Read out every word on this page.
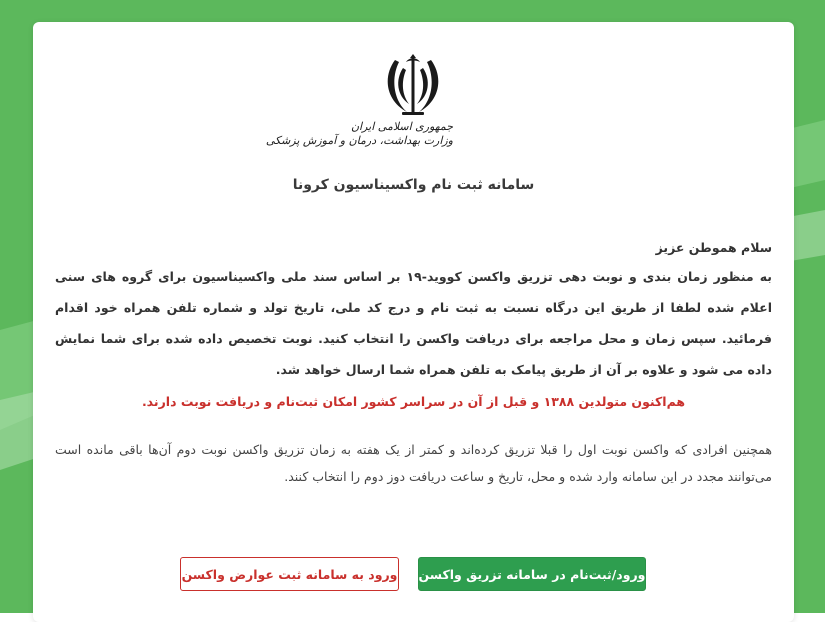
جمهوری اسلامی ایران
وزارت بهداشت، درمان و آموزش پزشکی
سامانه ثبت نام واکسیناسیون کرونا
سلام هموطن عزیز
به منظور زمان بندی و نوبت دهی تزریق واکسن کووید-۱۹ بر اساس سند ملی واکسیناسیون برای گروه های سنی اعلام شده لطفا از طریق این درگاه نسبت به ثبت نام و درج کد ملی، تاریخ تولد و شماره تلفن همراه خود اقدام فرمائید. سپس زمان و محل مراجعه برای دریافت واکسن را انتخاب کنید. نوبت تخصیص داده شده برای شما نمایش داده می شود و علاوه بر آن از طریق پیامک به تلفن همراه شما ارسال خواهد شد.
هم‌اکنون متولدین ۱۳۸۸ و قبل از آن در سراسر کشور امکان ثبت‌نام و دریافت نوبت دارند.
همچنین افرادی که واکسن نوبت اول را قبلا تزریق کرده‌اند و کمتر از یک هفته به زمان تزریق واکسن نوبت دوم آن‌ها باقی مانده است می‌توانند مجدد در این سامانه وارد شده و محل، تاریخ و ساعت دریافت دوز دوم را انتخاب کنند.
ورود/ثبت‌نام در سامانه تزریق واکسن
ورود به سامانه ثبت عوارض واکسن
